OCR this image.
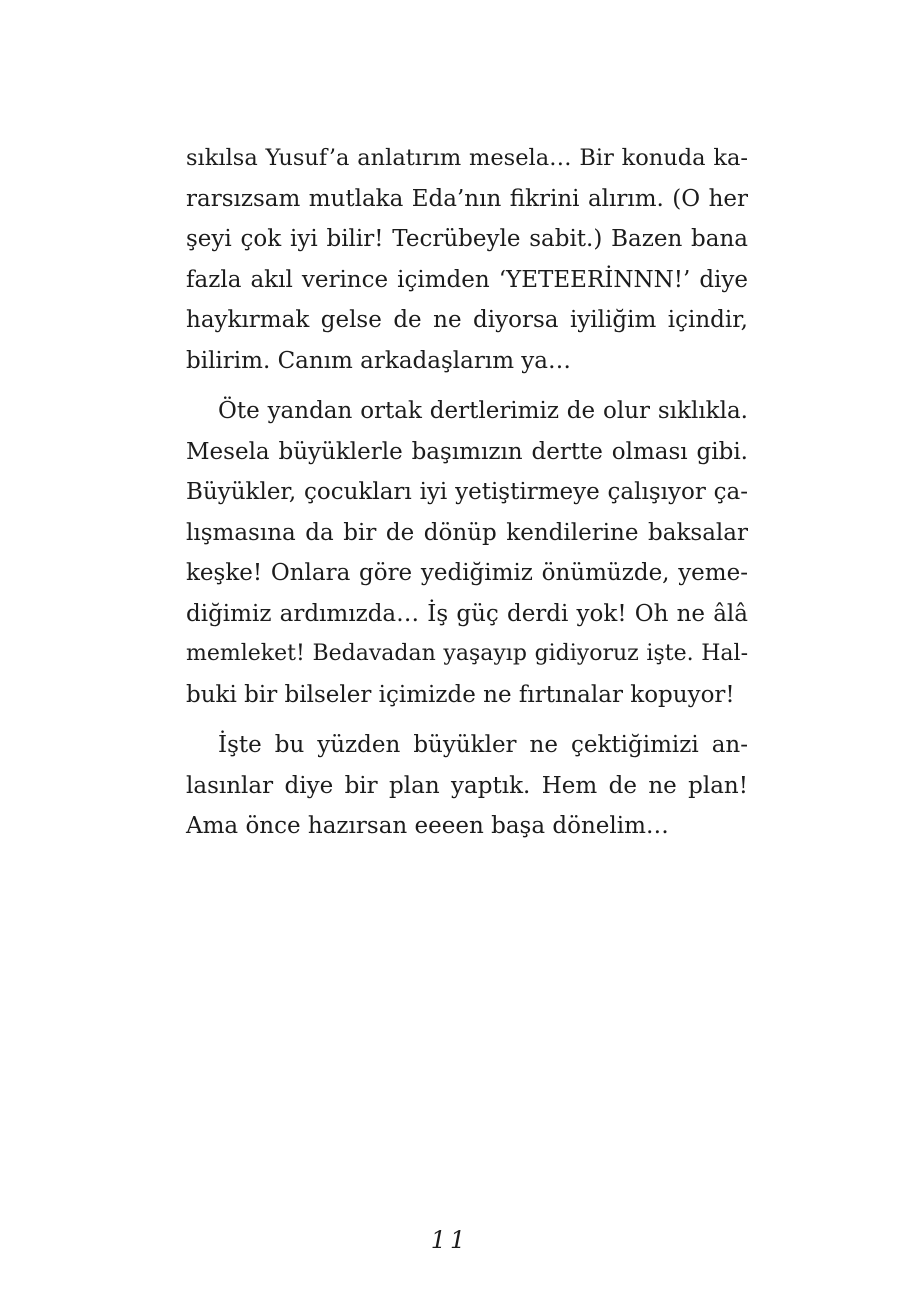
sıkılsa Yusuf’a anlatırım mesela… Bir konuda ka-
rarsızsam mutlaka Eda’nın fikrini alırım. (O her
şeyi çok iyi bilir! Tecrübeyle sabit.) Bazen bana
fazla akıl verince içimden ‘YETEERİNNN!’ diye
haykırmak gelse de ne diyorsa iyiliğim içindir,
bilirim. Canım arkadaşlarım ya…
Öte yandan ortak dertlerimiz de olur sıklıkla.
Mesela büyüklerle başımızın dertte olması gibi.
Büyükler, çocukları iyi yetiştirmeye çalışıyor ça-
lışmasına da bir de dönüp kendilerine baksalar
keşke! Onlara göre yediğimiz önümüzde, yeme-
diğimiz ardımızda… İş güç derdi yok! Oh ne âlâ
memleket! Bedavadan yaşayıp gidiyoruz işte. Hal-
buki bir bilseler içimizde ne fırtınalar kopuyor!
İşte bu yüzden büyükler ne çektiğimizi an-
lasınlar diye bir plan yaptık. Hem de ne plan!
Ama önce hazırsan eeeen başa dönelim…
11
